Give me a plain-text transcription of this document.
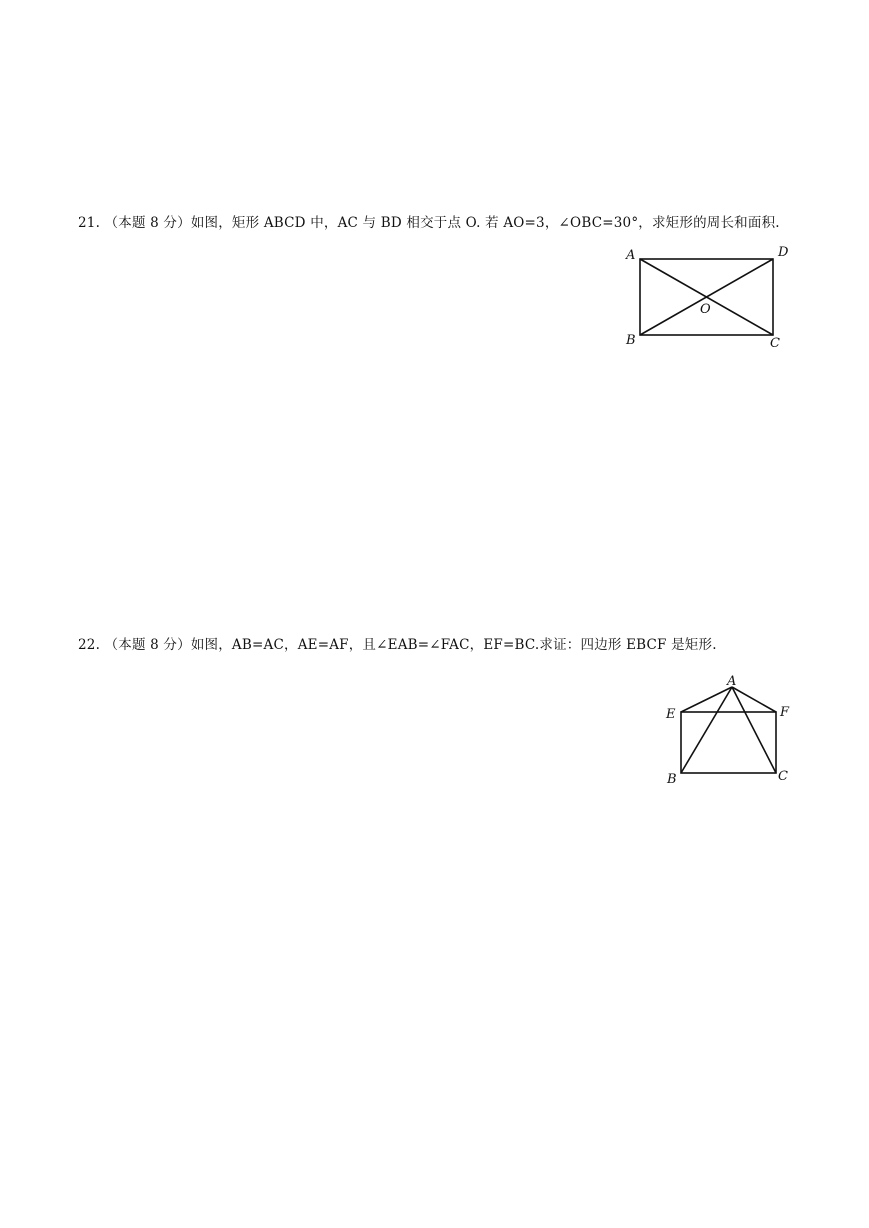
21. （本题 8 分）如图，矩形 ABCD 中，AC 与 BD 相交于点 O. 若 AO=3，∠OBC=30°，求矩形的周长和面积.
A	D
O
B	C
22. （本题 8 分）如图，AB=AC，AE=AF，且∠EAB=∠FAC，EF=BC.求证：四边形 EBCF 是矩形.
A
E	F
B	C
